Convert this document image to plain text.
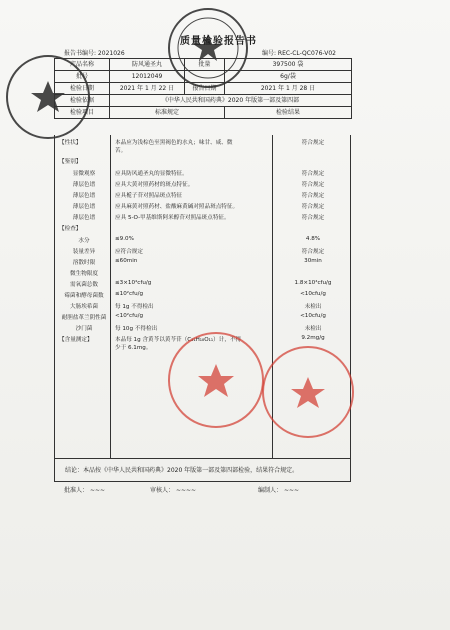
质量检验报告书
报告书编号: 2021026	编号: REC-CL-QC076-V02
产品名称	防风通圣丸	批量	397500 袋
批号	12012049		6g/袋
检验日期	2021 年 1 月 22 日	报告日期	2021 年 1 月 28 日
检验依据	《中华人民共和国药典》2020 年版第一部及第四部		
检验项目	标准规定		检验结果
【性状】	本品应为浅棕色至黑褐色的水丸；味甘、咸、微	符合规定
苦。
【鉴别】
显微观察	应具防风通圣丸的显微特征。	符合规定
薄层色谱	应具大黄对照药材的斑点特征。	符合规定
薄层色谱	应具栀子苷对照品斑点特征	符合规定
薄层色谱	应具麻黄对照药材、盐酸麻黄碱对照品斑点特征。	符合规定
薄层色谱	应具 5-O-甲基维斯阿米醇苷对照品斑点特征。	符合规定
【检查】
水分	≤9.0%	4.8%
装量差异	应符合规定	符合规定
溶散时限	≤60min	30min
微生物限度
需氧菌总数	≤3×10⁴cfu/g	1.8×10⁴cfu/g
霉菌和酵母菌数	≤10²cfu/g	<10cfu/g
大肠埃希菌	每 1g 不得检出	未检出
耐胆盐革兰阴性菌	<10²cfu/g	<10cfu/g
沙门菌	每 10g 不得检出	未检出
【含量测定】	本品每 1g 含黄芩以黄芩苷（C₂₁H₁₈O₁₁）计，不得	9.2mg/g
少于 6.1mg。
结论：本品按《中华人民共和国药典》2020 年版第一部及第四部检验，结果符合规定。
批准人： ~~~	审核人： ~~~~	编制人： ~~~
